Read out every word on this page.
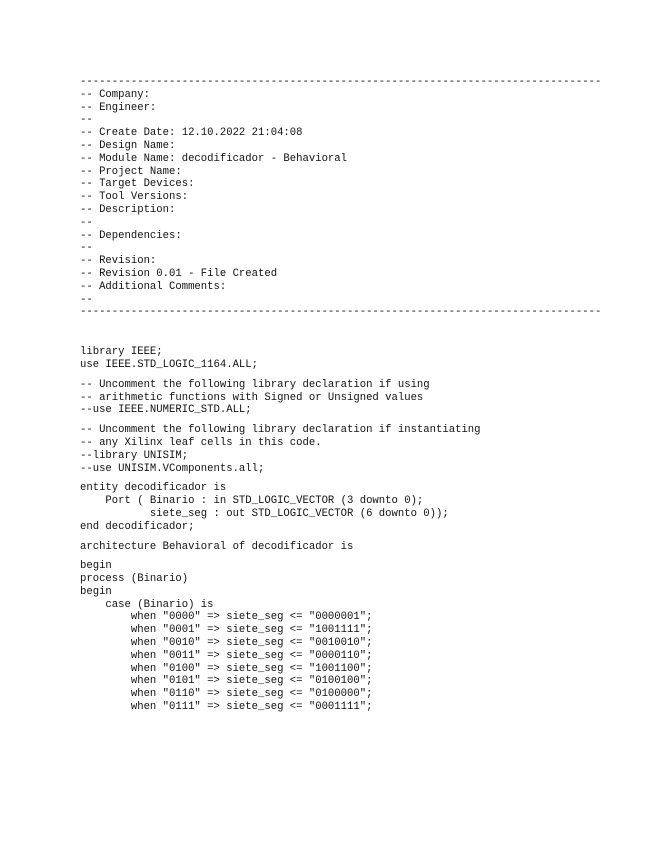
----------------------------------------------------------------------------------
-- Company:
-- Engineer:
--
-- Create Date: 12.10.2022 21:04:08
-- Design Name:
-- Module Name: decodificador - Behavioral
-- Project Name:
-- Target Devices:
-- Tool Versions:
-- Description:
--
-- Dependencies:
--
-- Revision:
-- Revision 0.01 - File Created
-- Additional Comments:
--
----------------------------------------------------------------------------------
library IEEE;
use IEEE.STD_LOGIC_1164.ALL;
-- Uncomment the following library declaration if using
-- arithmetic functions with Signed or Unsigned values
--use IEEE.NUMERIC_STD.ALL;
-- Uncomment the following library declaration if instantiating
-- any Xilinx leaf cells in this code.
--library UNISIM;
--use UNISIM.VComponents.all;
entity decodificador is
Port ( Binario : in STD_LOGIC_VECTOR (3 downto 0);
siete_seg : out STD_LOGIC_VECTOR (6 downto 0));
end decodificador;
architecture Behavioral of decodificador is
begin
process (Binario)
begin
case (Binario) is
when "0000" => siete_seg <= "0000001";
when "0001" => siete_seg <= "1001111";
when "0010" => siete_seg <= "0010010";
when "0011" => siete_seg <= "0000110";
when "0100" => siete_seg <= "1001100";
when "0101" => siete_seg <= "0100100";
when "0110" => siete_seg <= "0100000";
when "0111" => siete_seg <= "0001111";
